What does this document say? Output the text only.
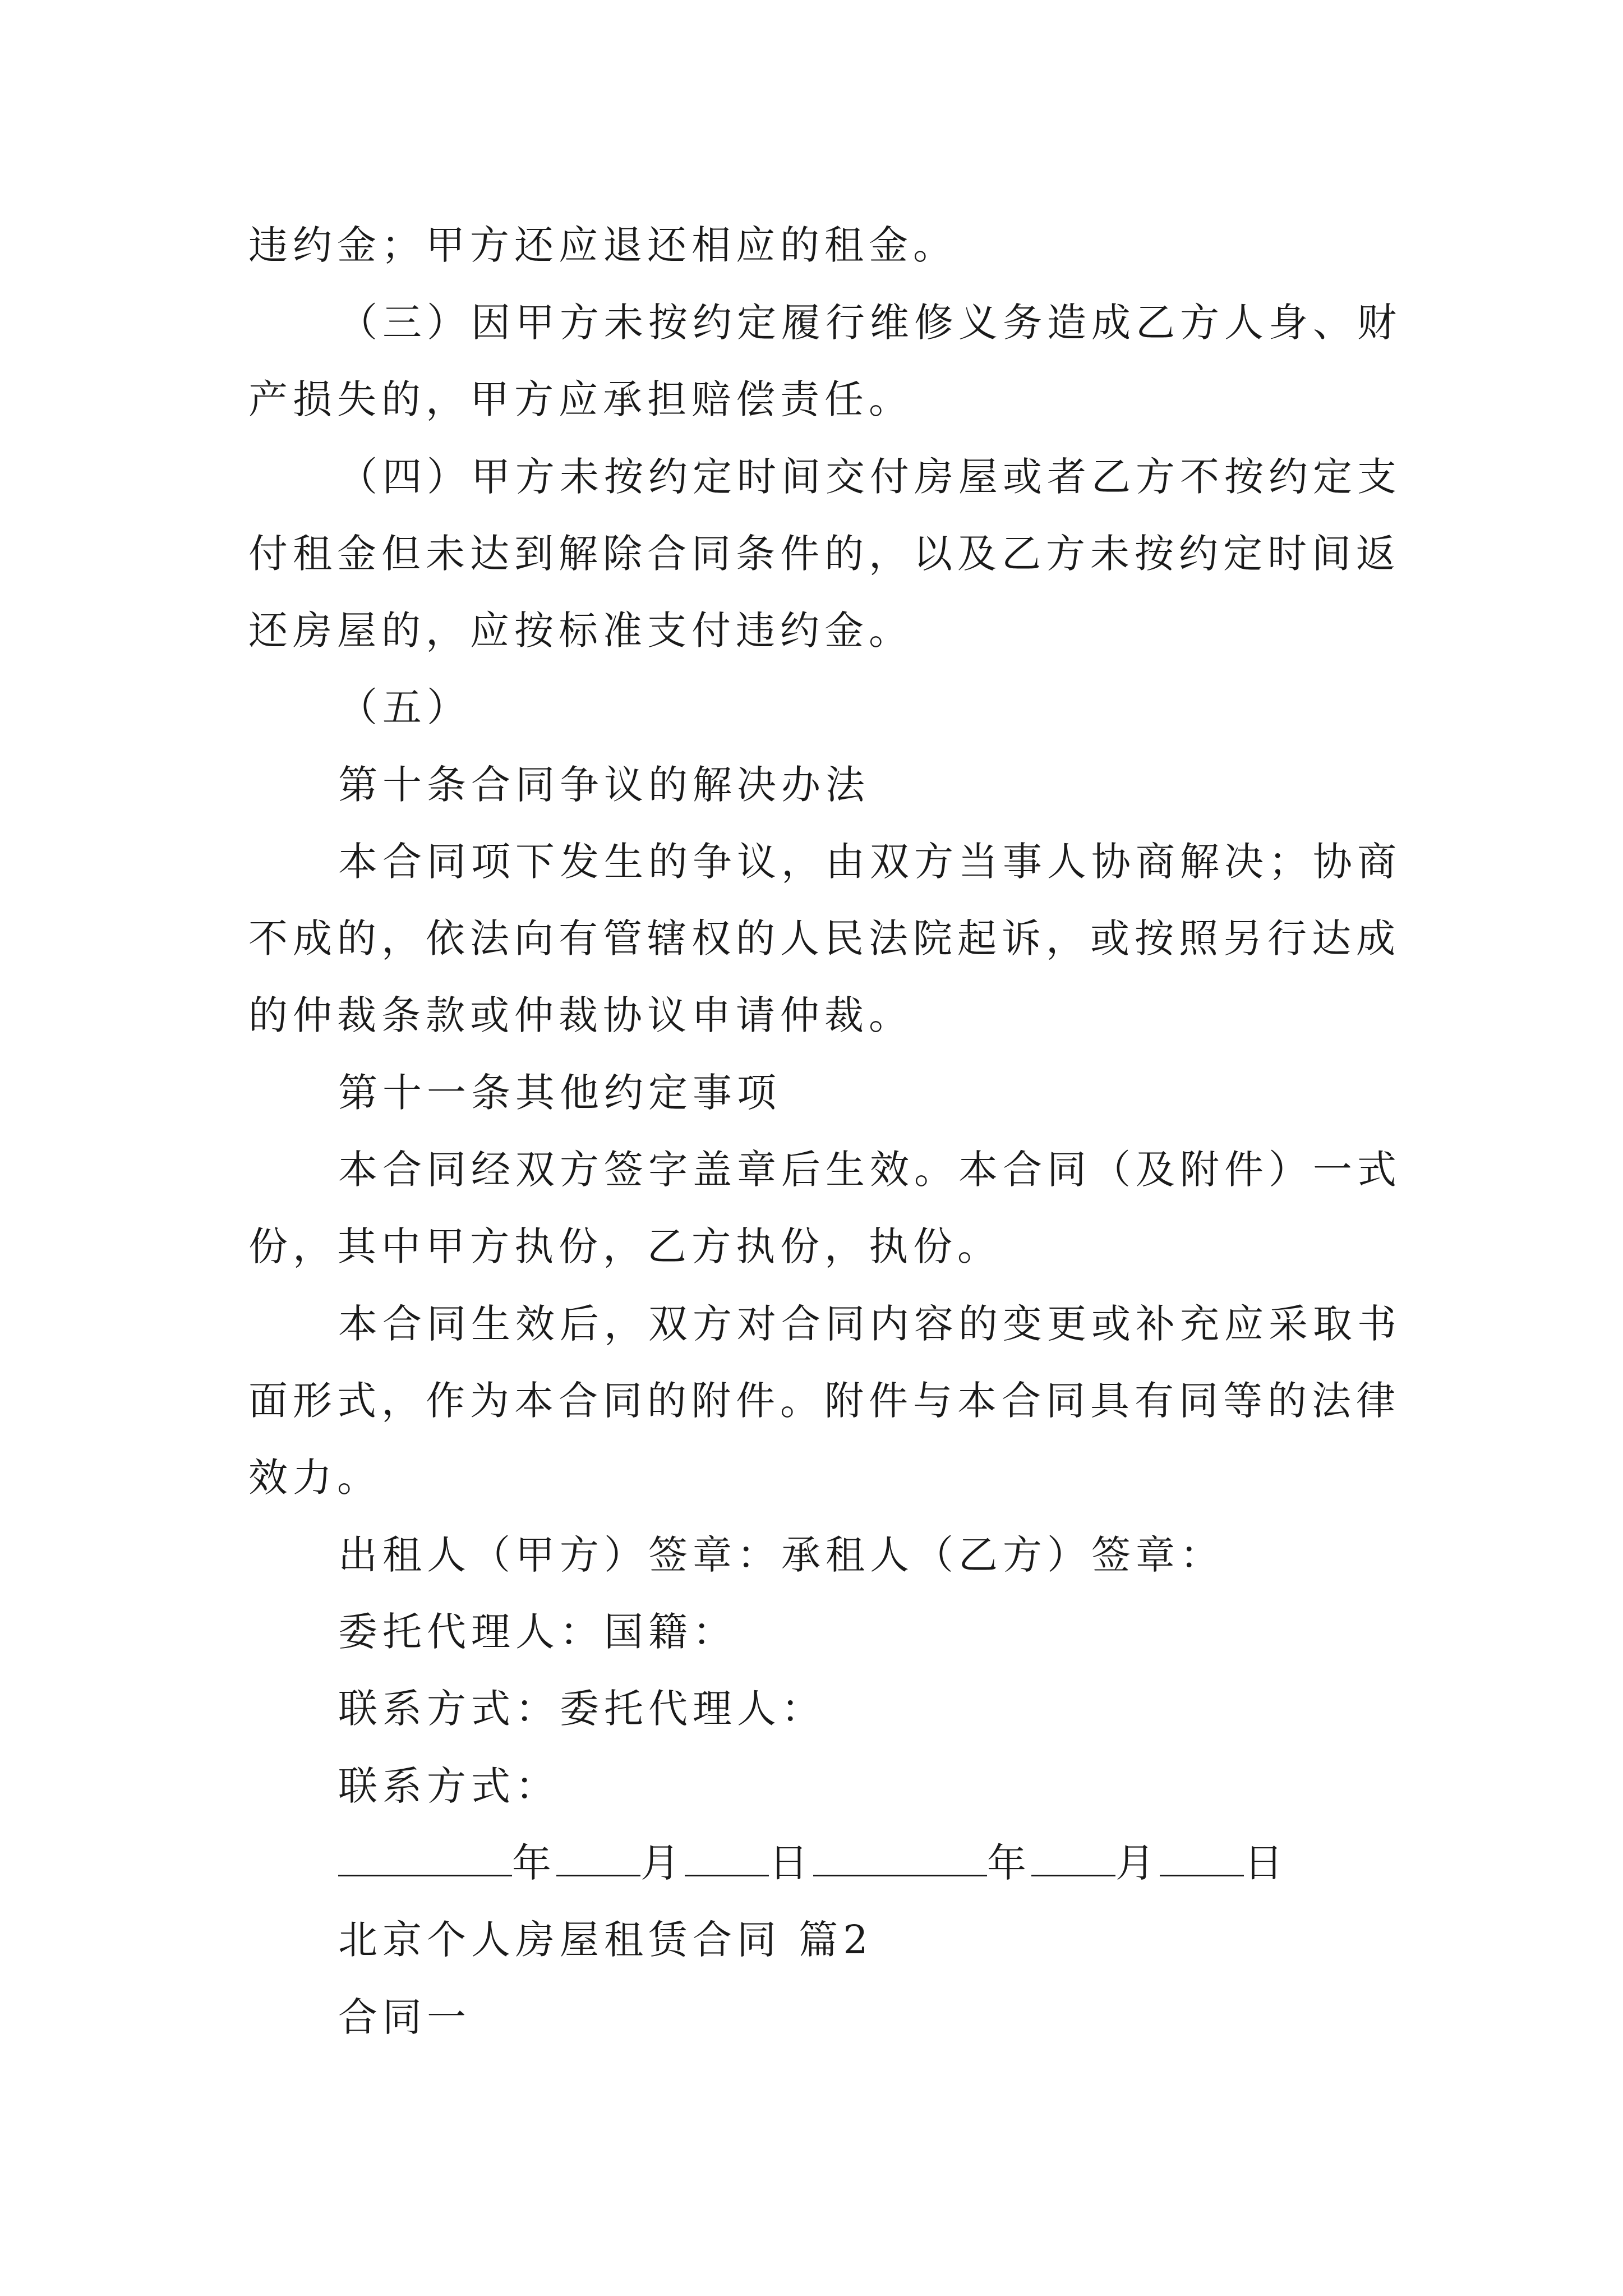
违约金；甲方还应退还相应的租金。
（三）因甲方未按约定履行维修义务造成乙方人身、财
产损失的，甲方应承担赔偿责任。
（四）甲方未按约定时间交付房屋或者乙方不按约定支
付租金但未达到解除合同条件的，以及乙方未按约定时间返
还房屋的，应按标准支付违约金。
（五）
第十条合同争议的解决办法
本合同项下发生的争议，由双方当事人协商解决；协商
不成的，依法向有管辖权的人民法院起诉，或按照另行达成
的仲裁条款或仲裁协议申请仲裁。
第十一条其他约定事项
本合同经双方签字盖章后生效。本合同（及附件）一式
份，其中甲方执份，乙方执份，执份。
本合同生效后，双方对合同内容的变更或补充应采取书
面形式，作为本合同的附件。附件与本合同具有同等的法律
效力。
出租人（甲方）签章：承租人（乙方）签章：
委托代理人：国籍：
联系方式：委托代理人：
联系方式：
年 月 日	年 月 日
北京个人房屋租赁合同 篇2
合同一
